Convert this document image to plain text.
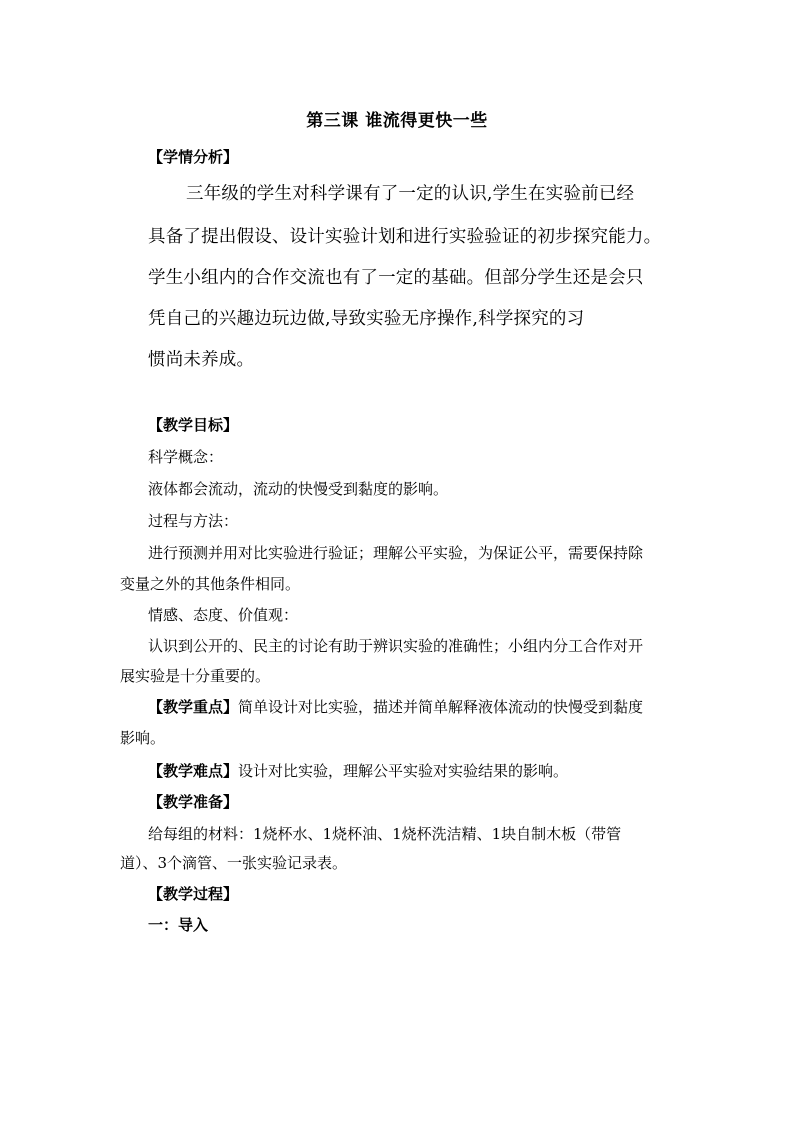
第三课 谁流得更快一些
【学情分析】
三年级的学生对科学课有了一定的认识,学生在实验前已经
具备了提出假设、设计实验计划和进行实验验证的初步探究能力。
学生小组内的合作交流也有了一定的基础。但部分学生还是会只
凭自己的兴趣边玩边做,导致实验无序操作,科学探究的习
惯尚未养成。
【教学目标】
科学概念：
液体都会流动，流动的快慢受到黏度的影响。
过程与方法：
进行预测并用对比实验进行验证；理解公平实验，为保证公平，需要保持除
变量之外的其他条件相同。
情感、态度、价值观：
认识到公开的、民主的讨论有助于辨识实验的准确性；小组内分工合作对开
展实验是十分重要的。
【教学重点】简单设计对比实验，描述并简单解释液体流动的快慢受到黏度
影响。
【教学难点】设计对比实验，理解公平实验对实验结果的影响。
【教学准备】
给每组的材料：1烧杯水、1烧杯油、1烧杯洗洁精、1块自制木板（带管
道）、3个滴管、一张实验记录表。
【教学过程】
一：导入
